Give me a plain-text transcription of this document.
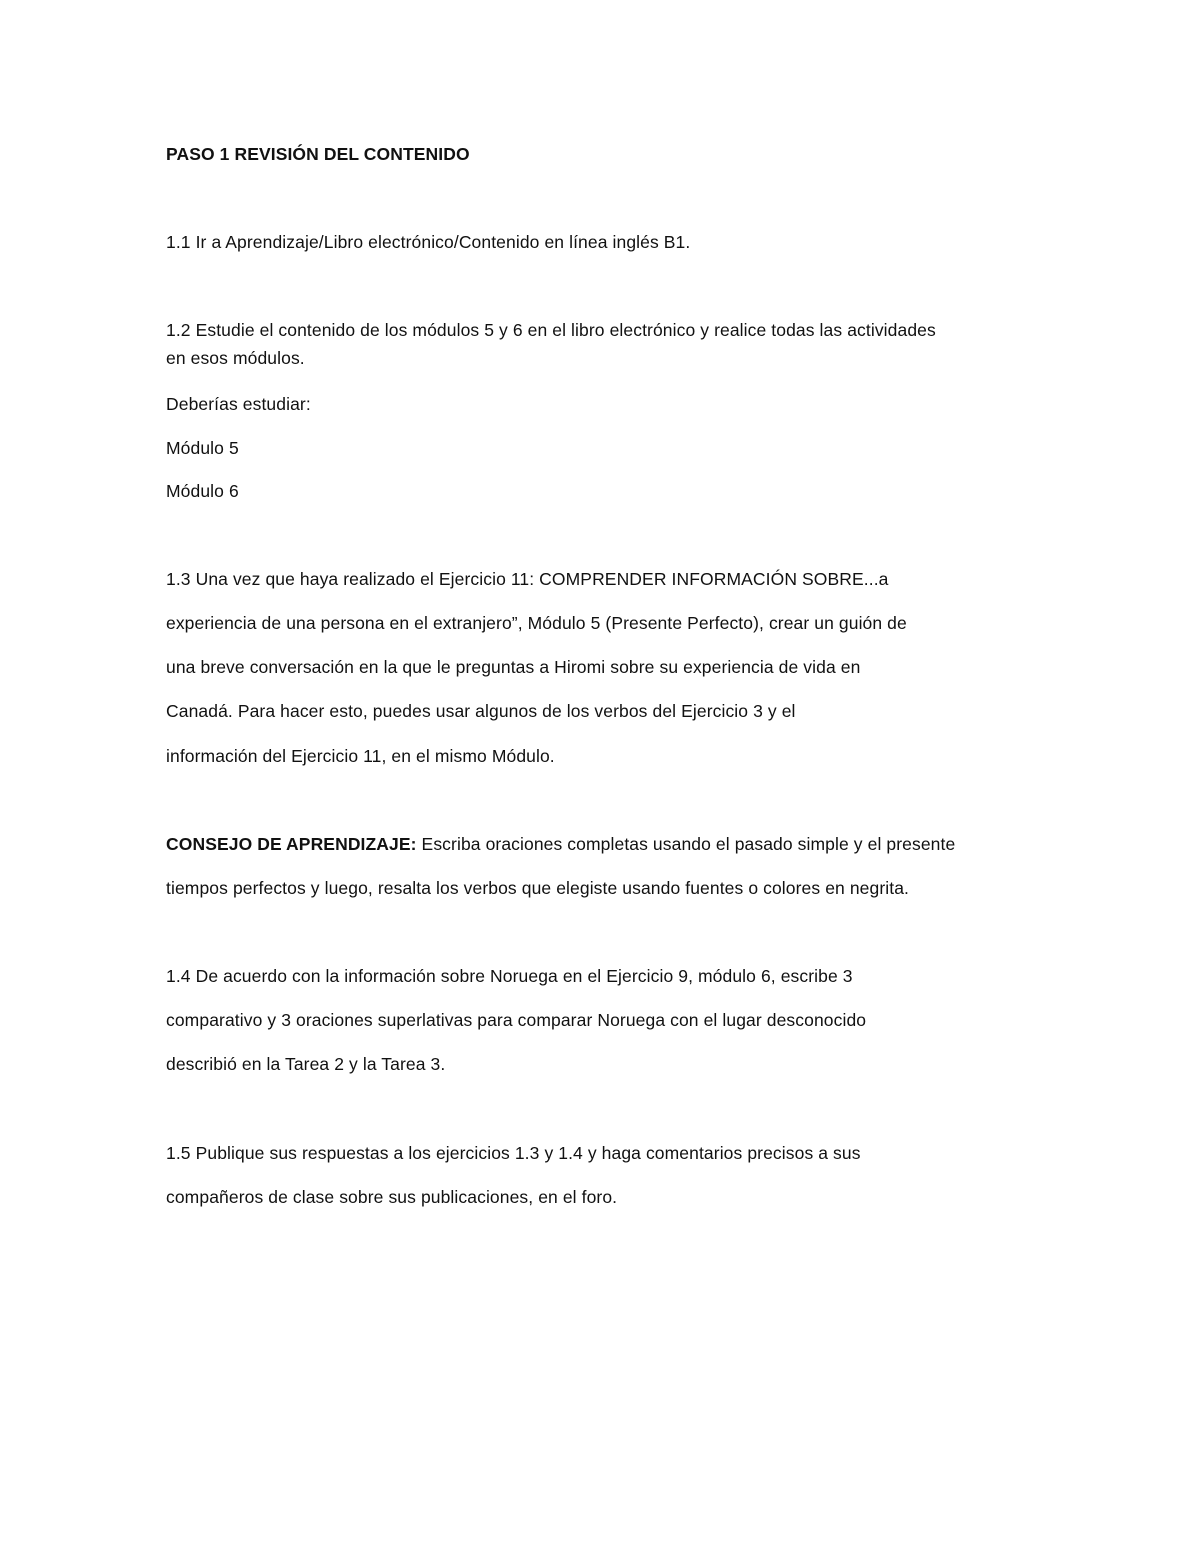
PASO 1 REVISIÓN DEL CONTENIDO
1.1 Ir a Aprendizaje/Libro electrónico/Contenido en línea inglés B1.
1.2 Estudie el contenido de los módulos 5 y 6 en el libro electrónico y realice todas las actividades
en esos módulos.
Deberías estudiar:
Módulo 5
Módulo 6
1.3 Una vez que haya realizado el Ejercicio 11: COMPRENDER INFORMACIÓN SOBRE...a
experiencia de una persona en el extranjero”, Módulo 5 (Presente Perfecto), crear un guión de
una breve conversación en la que le preguntas a Hiromi sobre su experiencia de vida en
Canadá. Para hacer esto, puedes usar algunos de los verbos del Ejercicio 3 y el
información del Ejercicio 11, en el mismo Módulo.
CONSEJO DE APRENDIZAJE: Escriba oraciones completas usando el pasado simple y el presente
tiempos perfectos y luego, resalta los verbos que elegiste usando fuentes o colores en negrita.
1.4 De acuerdo con la información sobre Noruega en el Ejercicio 9, módulo 6, escribe 3
comparativo y 3 oraciones superlativas para comparar Noruega con el lugar desconocido
describió en la Tarea 2 y la Tarea 3.
1.5 Publique sus respuestas a los ejercicios 1.3 y 1.4 y haga comentarios precisos a sus
compañeros de clase sobre sus publicaciones, en el foro.
